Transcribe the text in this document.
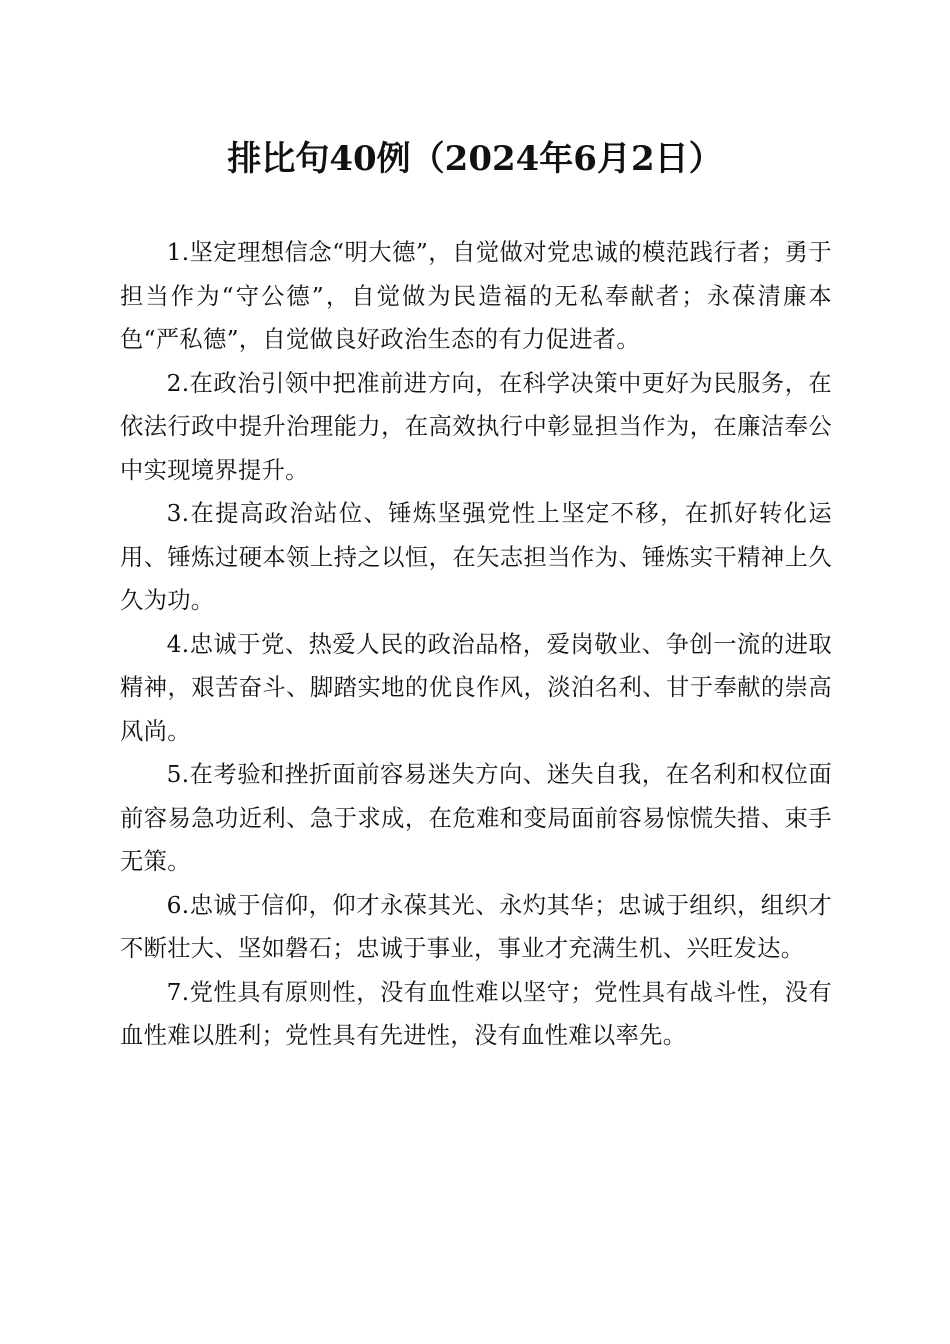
排比句40例（2024年6月2日）

1.坚定理想信念“明大德”，自觉做对党忠诚的模范践行者；勇于担当作为“守公德”，自觉做为民造福的无私奉献者；永葆清廉本色“严私德”，自觉做良好政治生态的有力促进者。

2.在政治引领中把准前进方向，在科学决策中更好为民服务，在依法行政中提升治理能力，在高效执行中彰显担当作为，在廉洁奉公中实现境界提升。

3.在提高政治站位、锤炼坚强党性上坚定不移，在抓好转化运用、锤炼过硬本领上持之以恒，在矢志担当作为、锤炼实干精神上久久为功。

4.忠诚于党、热爱人民的政治品格，爱岗敬业、争创一流的进取精神，艰苦奋斗、脚踏实地的优良作风，淡泊名利、甘于奉献的崇高风尚。

5.在考验和挫折面前容易迷失方向、迷失自我，在名利和权位面前容易急功近利、急于求成，在危难和变局面前容易惊慌失措、束手无策。

6.忠诚于信仰，仰才永葆其光、永灼其华；忠诚于组织，组织才不断壮大、坚如磐石；忠诚于事业，事业才充满生机、兴旺发达。

7.党性具有原则性，没有血性难以坚守；党性具有战斗性，没有血性难以胜利；党性具有先进性，没有血性难以率先。
